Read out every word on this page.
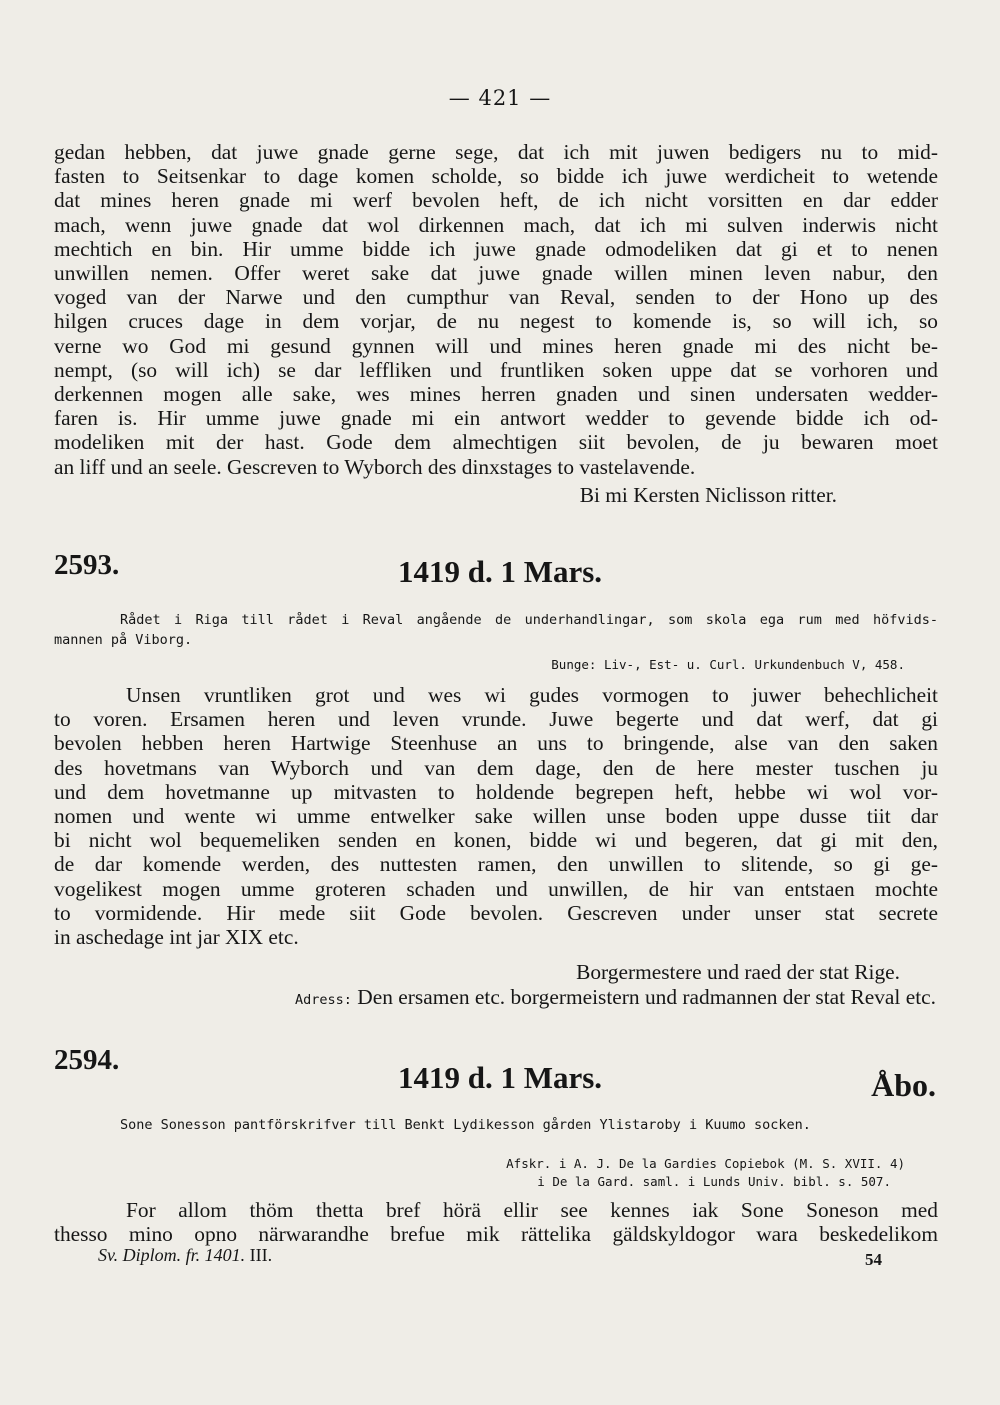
— 421 —
gedan hebben, dat juwe gnade gerne sege, dat ich mit juwen bedigers nu to mid-
fasten to Seitsenkar to dage komen scholde, so bidde ich juwe werdicheit to wetende
dat mines heren gnade mi werf bevolen heft, de ich nicht vorsitten en dar edder
mach, wenn juwe gnade dat wol dirkennen mach, dat ich mi sulven inderwis nicht
mechtich en bin. Hir umme bidde ich juwe gnade odmodeliken dat gi et to nenen
unwillen nemen. Offer weret sake dat juwe gnade willen minen leven nabur, den
voged van der Narwe und den cumpthur van Reval, senden to der Hono up des
hilgen cruces dage in dem vorjar, de nu negest to komende is, so will ich, so
verne wo God mi gesund gynnen will und mines heren gnade mi des nicht be-
nempt, (so will ich) se dar leffliken und fruntliken soken uppe dat se vorhoren und
derkennen mogen alle sake, wes mines herren gnaden und sinen undersaten wedder-
faren is. Hir umme juwe gnade mi ein antwort wedder to gevende bidde ich od-
modeliken mit der hast. Gode dem almechtigen siit bevolen, de ju bewaren moet
an liff und an seele. Gescreven to Wyborch des dinxstages to vastelavende.
Bi mi Kersten Niclisson ritter.
2593.	1419 d. 1 Mars.
Rådet i Riga till rådet i Reval angående de underhandlingar, som skola ega rum med höfvids-
mannen på Viborg.
Bunge: Liv-, Est- u. Curl. Urkundenbuch V, 458.
Unsen vruntliken grot und wes wi gudes vormogen to juwer behechlicheit
to voren. Ersamen heren und leven vrunde. Juwe begerte und dat werf, dat gi
bevolen hebben heren Hartwige Steenhuse an uns to bringende, alse van den saken
des hovetmans van Wyborch und van dem dage, den de here mester tuschen ju
und dem hovetmanne up mitvasten to holdende begrepen heft, hebbe wi wol vor-
nomen und wente wi umme entwelker sake willen unse boden uppe dusse tiit dar
bi nicht wol bequemeliken senden en konen, bidde wi und begeren, dat gi mit den,
de dar komende werden, des nuttesten ramen, den unwillen to slitende, so gi ge-
vogelikest mogen umme groteren schaden und unwillen, de hir van entstaen mochte
to vormidende. Hir mede siit Gode bevolen. Gescreven under unser stat secrete
in aschedage int jar XIX etc.
Borgermestere und raed der stat Rige.
Adress: Den ersamen etc. borgermeistern und radmannen der stat Reval etc.
2594.	1419 d. 1 Mars.	Åbo.
Sone Sonesson pantförskrifver till Benkt Lydikesson gården Ylistaroby i Kuumo socken.
Afskr. i A. J. De la Gardies Copiebok (M. S. XVII. 4)
i De la Gard. saml. i Lunds Univ. bibl. s. 507.
For allom thöm thetta bref hörä ellir see kennes iak Sone Soneson med
thesso mino opno närwarandhe brefue mik rättelika gäldskyldogor wara beskedelikom
Sv. Diplom. fr. 1401. III.	54
